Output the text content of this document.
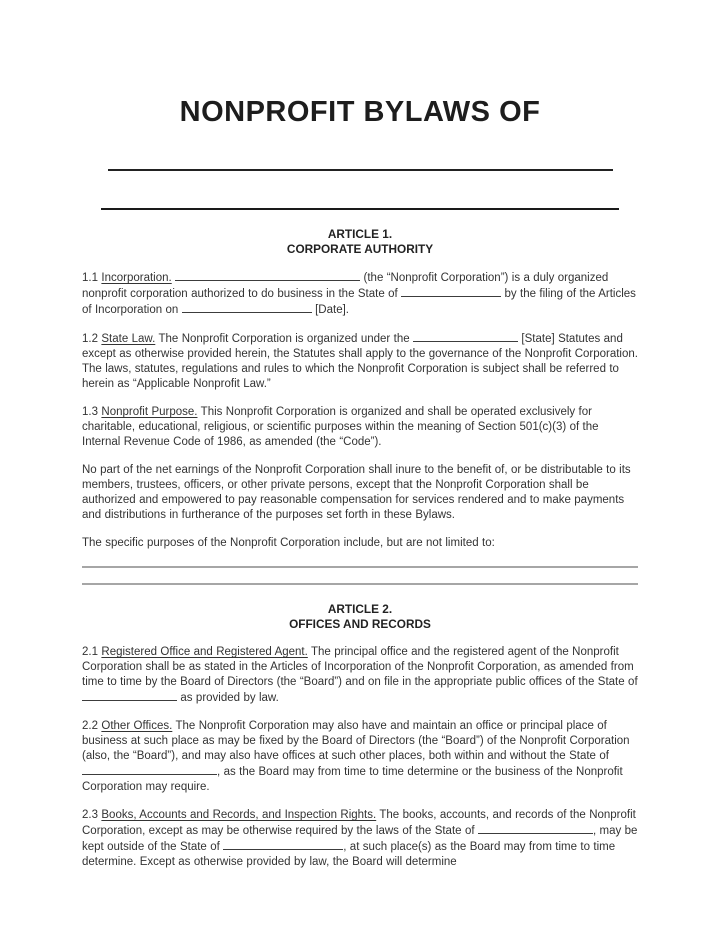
NONPROFIT BYLAWS OF
ARTICLE 1.
CORPORATE AUTHORITY

1.1 Incorporation.	(the “Nonprofit Corporation”) is a duly organized nonprofit corporation authorized to do business in the State of	by the filing of the Articles of Incorporation on	[Date].

1.2 State Law. The Nonprofit Corporation is organized under the	[State] Statutes and except as otherwise provided herein, the Statutes shall apply to the governance of the Nonprofit Corporation. The laws, statutes, regulations and rules to which the Nonprofit Corporation is subject shall be referred to herein as “Applicable Nonprofit Law.”

1.3 Nonprofit Purpose. This Nonprofit Corporation is organized and shall be operated exclusively for charitable, educational, religious, or scientific purposes within the meaning of Section 501(c)(3) of the Internal Revenue Code of 1986, as amended (the “Code”).

No part of the net earnings of the Nonprofit Corporation shall inure to the benefit of, or be distributable to its members, trustees, officers, or other private persons, except that the Nonprofit Corporation shall be authorized and empowered to pay reasonable compensation for services rendered and to make payments and distributions in furtherance of the purposes set forth in these Bylaws.

The specific purposes of the Nonprofit Corporation include, but are not limited to:

ARTICLE 2.
OFFICES AND RECORDS

2.1 Registered Office and Registered Agent. The principal office and the registered agent of the Nonprofit Corporation shall be as stated in the Articles of Incorporation of the Nonprofit Corporation, as amended from time to time by the Board of Directors (the “Board”) and on file in the appropriate public offices of the State of  as provided by law.

2.2 Other Offices. The Nonprofit Corporation may also have and maintain an office or principal place of business at such place as may be fixed by the Board of Directors (the “Board”) of the Nonprofit Corporation (also, the “Board”), and may also have offices at such other places, both within and without the State of , as the Board may from time to time determine or the business of the Nonprofit Corporation may require.

2.3 Books, Accounts and Records, and Inspection Rights. The books, accounts, and records of the Nonprofit Corporation, except as may be otherwise required by the laws of the State of	, may be kept outside of the State of	, at such place(s) as the Board may from time to time determine. Except as otherwise provided by law, the Board will determine
